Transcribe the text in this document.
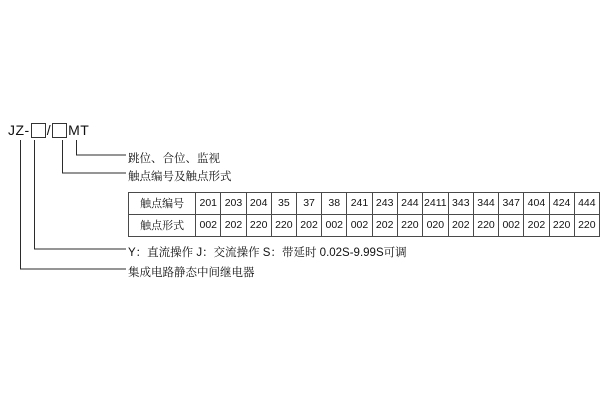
JZ- / MT
跳位、合位、监视
触点编号及触点形式
Y：直流操作 J：交流操作 S：带延时 0.02S-9.99S可调
集成电路静态中间继电器
触点编号	201	203	204	35	37	38	241	243	244	2411	343	344	347	404	424	444
触点形式	002	202	220	220	202	002	002	202	220	020	202	220	002	202	220	220
